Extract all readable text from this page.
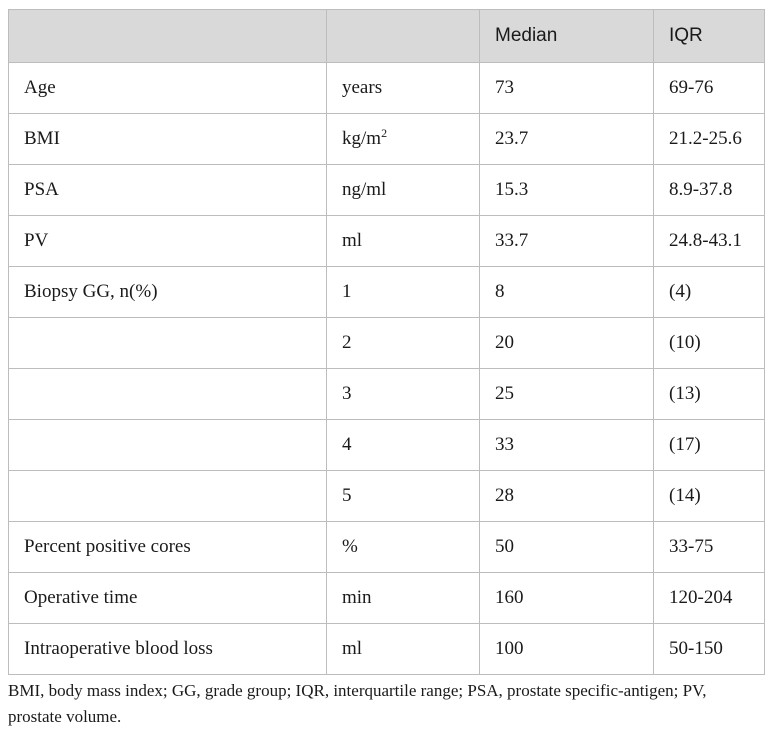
		Median	IQR
Age	years	73	69-76
BMI	$kg/m^2$	23.7	21.2-25.6
PSA	ng/ml	15.3	8.9-37.8
PV	ml	33.7	24.8-43.1
Biopsy GG, n(%)	1	8	(4)
	2	20	(10)
	3	25	(13)
	4	33	(17)
	5	28	(14)
Percent positive cores	%	50	33-75
Operative time	min	160	120-204
Intraoperative blood loss	ml	100	50-150

BMI, body mass index; GG, grade group; IQR, interquartile range; PSA, prostate specific-antigen; PV, prostate volume.
